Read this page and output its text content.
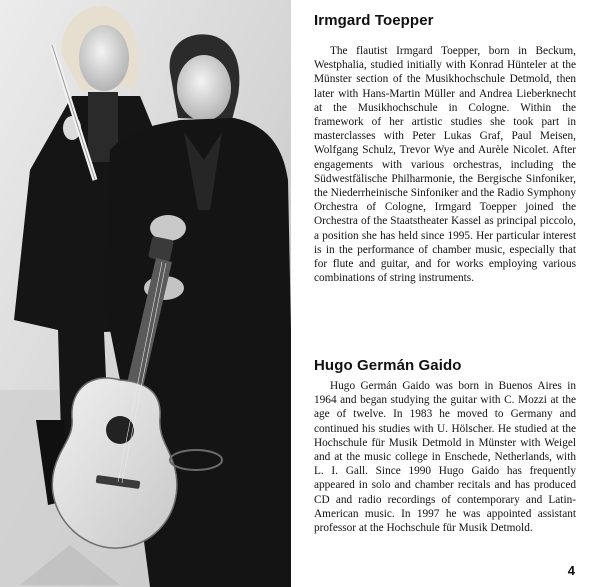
Irmgard Toepper

The flautist Irmgard Toepper, born in Beckum, Westphalia, studied initially with Konrad Hünteler at the Münster section of the Musikhochschule Detmold, then later with Hans-Martin Müller and Andrea Lieberknecht at the Musikhochschule in Cologne. Within the framework of her artistic studies she took part in masterclasses with Peter Lukas Graf, Paul Meisen, Wolfgang Schulz, Trevor Wye and Aurèle Nicolet. After engagements with various orchestras, including the Südwestfälische Philharmonie, the Bergische Sinfoniker, the Niederrheinische Sinfoniker and the Radio Symphony Orchestra of Cologne, Irmgard Toepper joined the Orchestra of the Staatstheater Kassel as principal piccolo, a position she has held since 1995. Her particular interest is in the performance of chamber music, especially that for flute and guitar, and for works employing various combinations of string instruments.

Hugo Germán Gaido

Hugo Germán Gaido was born in Buenos Aires in 1964 and began studying the guitar with C. Mozzi at the age of twelve. In 1983 he moved to Germany and continued his studies with U. Hölscher. He studied at the Hochschule für Musik Detmold in Münster with Weigel and at the music college in Enschede, Netherlands, with L. I. Gall. Since 1990 Hugo Gaido has frequently appeared in solo and chamber recitals and has produced CD and radio recordings of contemporary and Latin-American music. In 1997 he was appointed assistant professor at the Hochschule für Musik Detmold.

4
